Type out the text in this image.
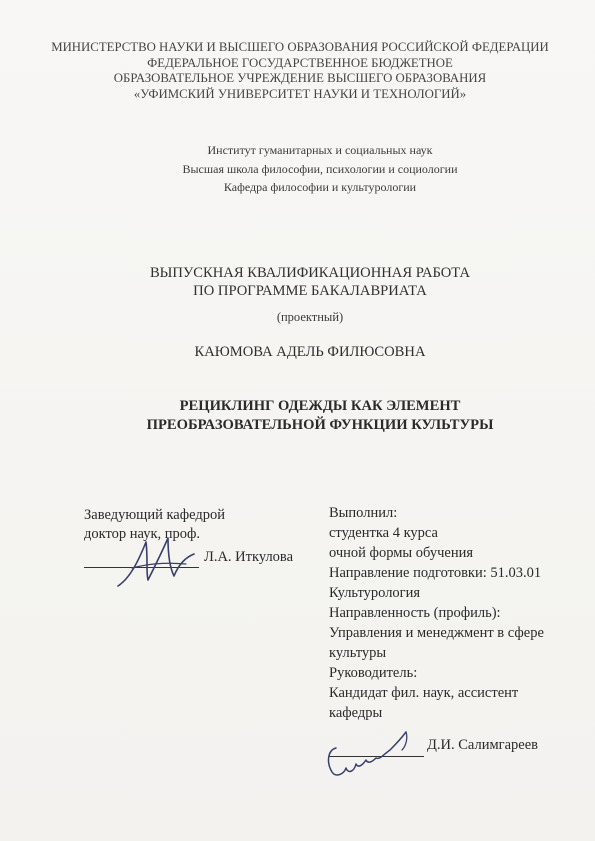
МИНИСТЕРСТВО НАУКИ И ВЫСШЕГО ОБРАЗОВАНИЯ РОССИЙСКОЙ ФЕДЕРАЦИИ
ФЕДЕРАЛЬНОЕ ГОСУДАРСТВЕННОЕ БЮДЖЕТНОЕ
ОБРАЗОВАТЕЛЬНОЕ УЧРЕЖДЕНИЕ ВЫСШЕГО ОБРАЗОВАНИЯ
«УФИМСКИЙ УНИВЕРСИТЕТ НАУКИ И ТЕХНОЛОГИЙ»
Институт гуманитарных и социальных наук
Высшая школа философии, психологии и социологии
Кафедра философии и культурологии
ВЫПУСКНАЯ КВАЛИФИКАЦИОННАЯ РАБОТА
ПО ПРОГРАММЕ БАКАЛАВРИАТА
(проектный)
КАЮМОВА АДЕЛЬ ФИЛЮСОВНА
РЕЦИКЛИНГ ОДЕЖДЫ КАК ЭЛЕМЕНТ
ПРЕОБРАЗОВАТЕЛЬНОЙ ФУНКЦИИ КУЛЬТУРЫ
Заведующий кафедрой
доктор наук, проф.
Л.А. Иткулова
Выполнил:
студентка 4 курса
очной формы обучения
Направление подготовки: 51.03.01
Культурология
Направленность (профиль):
Управления и менеджмент в сфере
культуры
Руководитель:
Кандидат фил. наук, ассистент
кафедры
Д.И. Салимгареев
